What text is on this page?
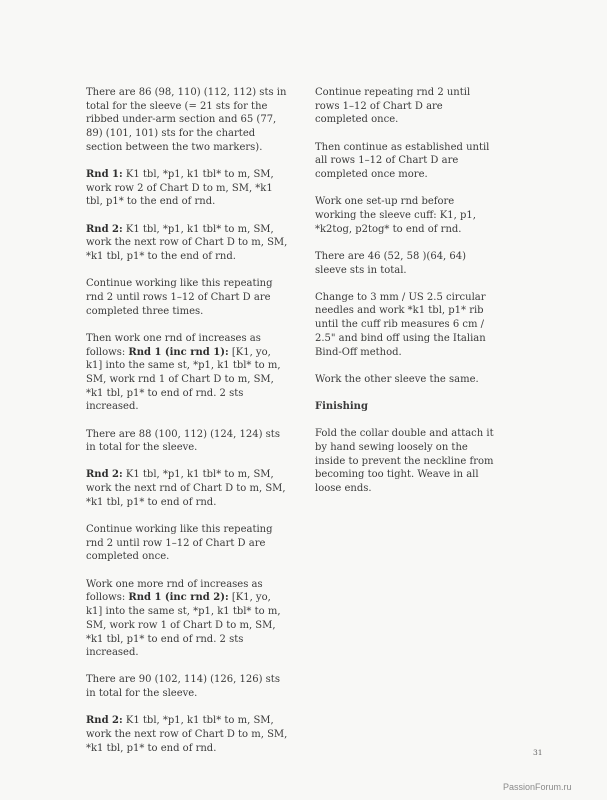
There are 86 (98, 110) (112, 112) sts in total for the sleeve (= 21 sts for the ribbed under-arm section and 65 (77, 89) (101, 101) sts for the charted section between the two markers).

Rnd 1: K1 tbl, *p1, k1 tbl* to m, SM, work row 2 of Chart D to m, SM, *k1 tbl, p1* to the end of rnd.

Rnd 2: K1 tbl, *p1, k1 tbl* to m, SM, work the next row of Chart D to m, SM, *k1 tbl, p1* to the end of rnd.

Continue working like this repeating rnd 2 until rows 1–12 of Chart D are completed three times.

Then work one rnd of increases as follows: Rnd 1 (inc rnd 1): [K1, yo, k1] into the same st, *p1, k1 tbl* to m, SM, work rnd 1 of Chart D to m, SM, *k1 tbl, p1* to end of rnd. 2 sts increased.

There are 88 (100, 112) (124, 124) sts in total for the sleeve.

Rnd 2: K1 tbl, *p1, k1 tbl* to m, SM, work the next rnd of Chart D to m, SM, *k1 tbl, p1* to end of rnd.

Continue working like this repeating rnd 2 until row 1–12 of Chart D are completed once.

Work one more rnd of increases as follows: Rnd 1 (inc rnd 2): [K1, yo, k1] into the same st, *p1, k1 tbl* to m, SM, work row 1 of Chart D to m, SM, *k1 tbl, p1* to end of rnd. 2 sts increased.

There are 90 (102, 114) (126, 126) sts in total for the sleeve.

Rnd 2: K1 tbl, *p1, k1 tbl* to m, SM, work the next row of Chart D to m, SM, *k1 tbl, p1* to end of rnd.

Continue repeating rnd 2 until rows 1–12 of Chart D are completed once.

Then continue as established until all rows 1–12 of Chart D are completed once more.

Work one set-up rnd before working the sleeve cuff: K1, p1, *k2tog, p2tog* to end of rnd.

There are 46 (52, 58 )(64, 64) sleeve sts in total.

Change to 3 mm / US 2.5 circular needles and work *k1 tbl, p1* rib until the cuff rib measures 6 cm / 2.5" and bind off using the Italian Bind-Off method.

Work the other sleeve the same.

Finishing

Fold the collar double and attach it by hand sewing loosely on the inside to prevent the neckline from becoming too tight. Weave in all loose ends.

31
PassionForum.ru
